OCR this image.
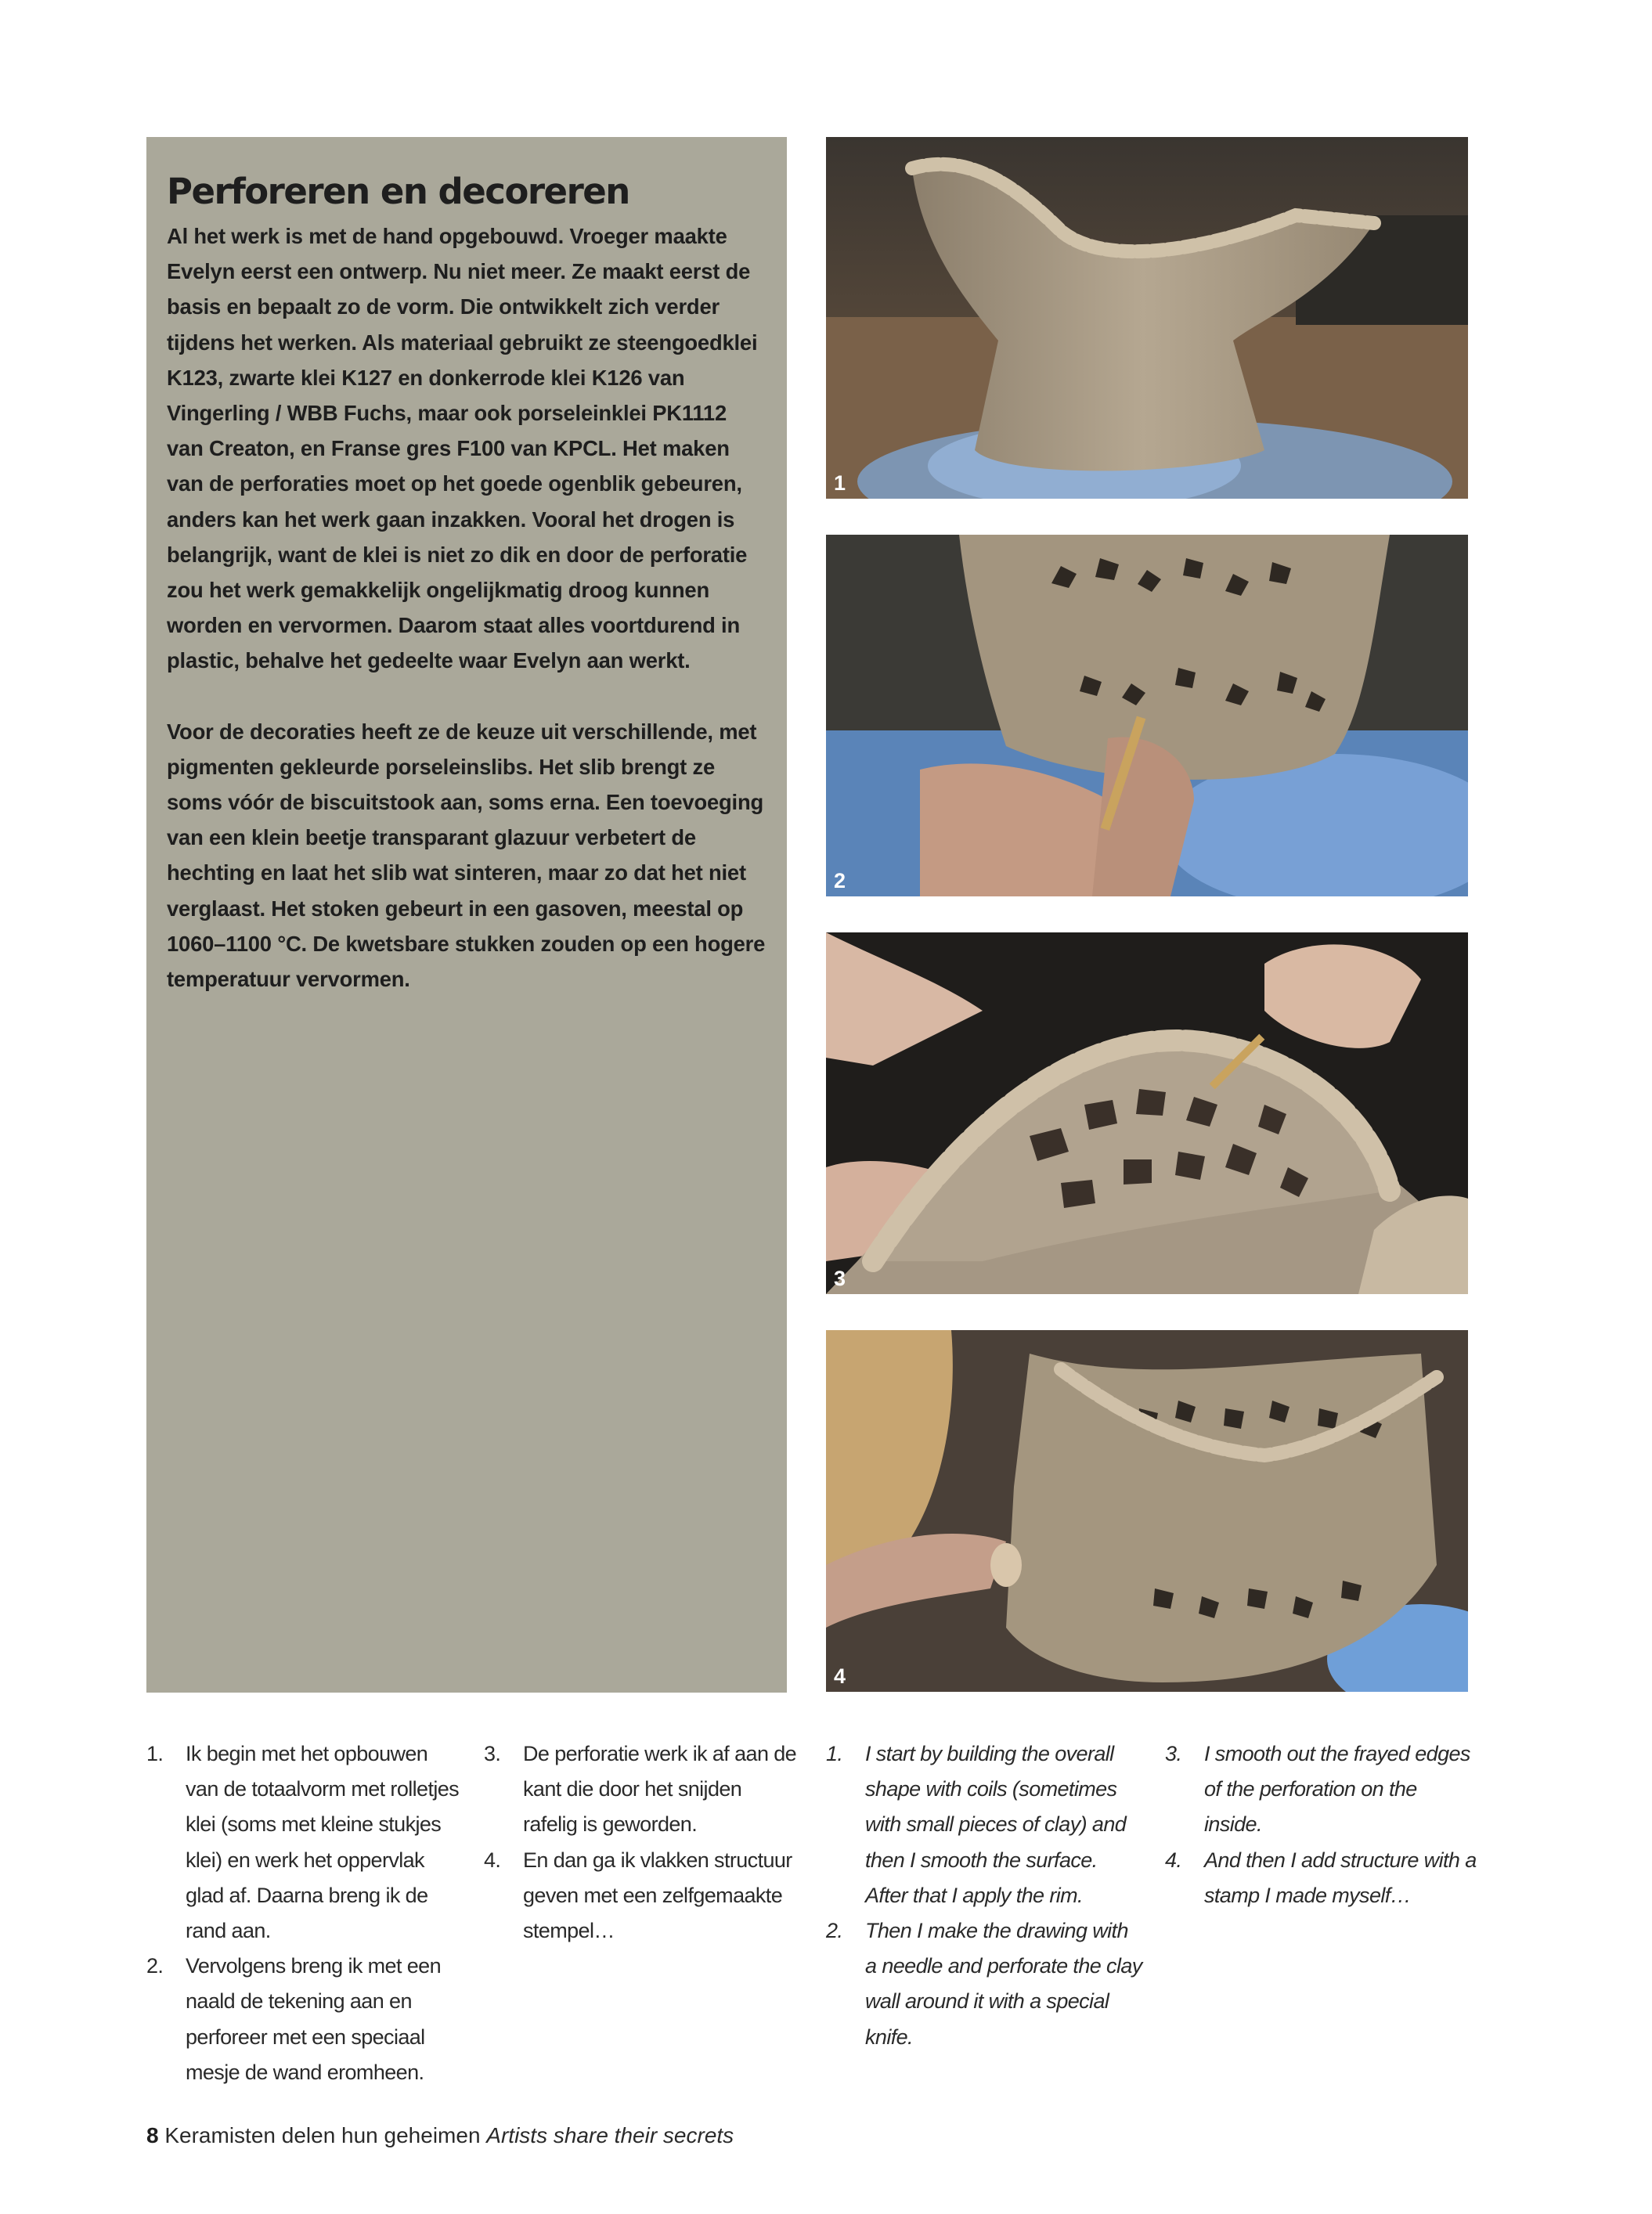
Perforeren en decoreren

Al het werk is met de hand opgebouwd. Vroeger maakte Evelyn eerst een ontwerp. Nu niet meer. Ze maakt eerst de basis en bepaalt zo de vorm. Die ontwikkelt zich verder tijdens het werken. Als materiaal gebruikt ze steengoedklei K123, zwarte klei K127 en donkerrode klei K126 van Vingerling / WBB Fuchs, maar ook porseleinklei PK1112 van Creaton, en Franse gres F100 van KPCL. Het maken van de perforaties moet op het goede ogenblik gebeuren, anders kan het werk gaan inzakken. Vooral het drogen is belangrijk, want de klei is niet zo dik en door de perforatie zou het werk gemakkelijk ongelijkmatig droog kunnen worden en vervormen. Daarom staat alles voortdurend in plastic, behalve het gedeelte waar Evelyn aan werkt.

Voor de decoraties heeft ze de keuze uit verschillende, met pigmenten gekleurde porseleinslibs. Het slib brengt ze soms vóór de biscuitstook aan, soms erna. Een toevoeging van een klein beetje transparant glazuur verbetert de hechting en laat het slib wat sinteren, maar zo dat het niet verglaast. Het stoken gebeurt in een gasoven, meestal op 1060–1100 °C. De kwetsbare stukken zouden op een hogere temperatuur vervormen.

1
2
3
4
1. Ik begin met het opbouwen van de totaalvorm met rolletjes klei (soms met kleine stukjes klei) en werk het oppervlak glad af. Daarna breng ik de rand aan.
2. Vervolgens breng ik met een naald de tekening aan en perforeer met een speciaal mesje de wand eromheen.
3. De perforatie werk ik af aan de kant die door het snijden rafelig is geworden.
4. En dan ga ik vlakken structuur geven met een zelfgemaakte stempel…
1. I start by building the overall shape with coils (sometimes with small pieces of clay) and then I smooth the surface. After that I apply the rim.
2. Then I make the drawing with a needle and perforate the clay wall around it with a special knife.
3. I smooth out the frayed edges of the perforation on the inside.
4. And then I add structure with a stamp I made myself…
8 Keramisten delen hun geheimen Artists share their secrets
